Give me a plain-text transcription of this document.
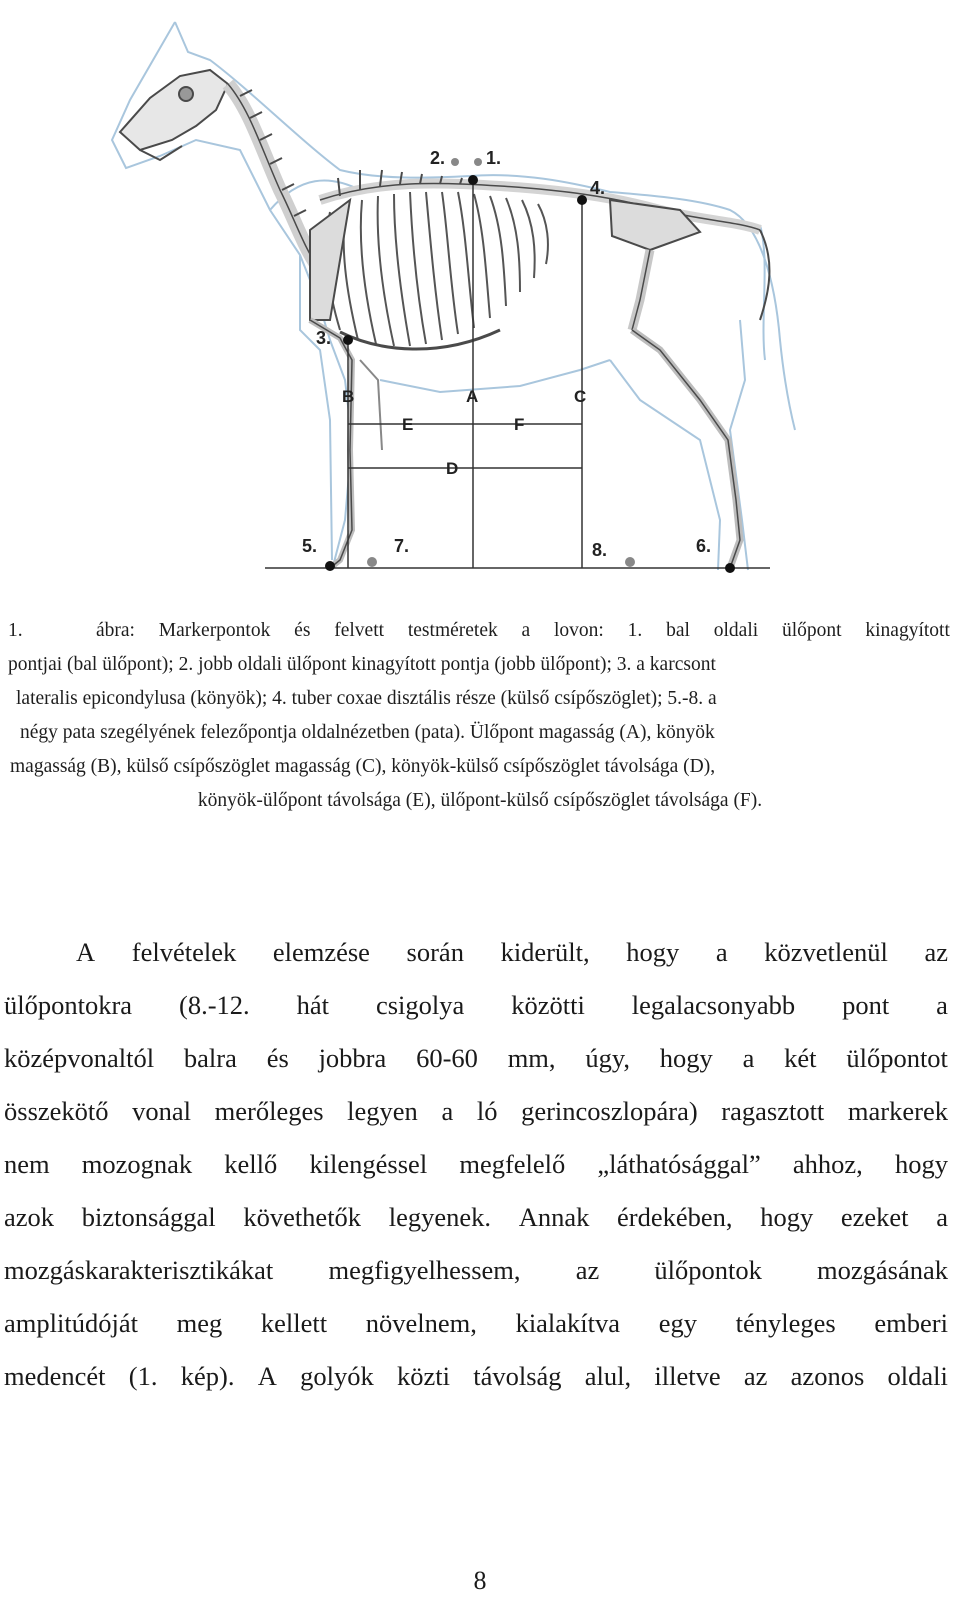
2. 1.
3.
4.
5.	7.	8.	6.
A
B	C
D
E	F
1.	ábra: Markerpontok és felvett testméretek a lovon: 1. bal oldali ülőpont kinagyított
pontjai (bal ülőpont); 2. jobb oldali ülőpont kinagyított pontja (jobb ülőpont); 3. a karcsont
lateralis epicondylusa (könyök); 4. tuber coxae disztális része (külső csípőszöglet); 5.-8. a
négy pata szegélyének felezőpontja oldalnézetben (pata). Ülőpont magasság (A), könyök
magasság (B), külső csípőszöglet magasság (C), könyök-külső csípőszöglet távolsága (D),
könyök-ülőpont távolsága (E), ülőpont-külső csípőszöglet távolsága (F).
A felvételek elemzése során kiderült, hogy a közvetlenül az
ülőpontokra (8.-12. hát csigolya közötti legalacsonyabb pont a
középvonaltól balra és jobbra 60-60 mm, úgy, hogy a két ülőpontot
összekötő vonal merőleges legyen a ló gerincoszlopára) ragasztott markerek
nem mozognak kellő kilengéssel megfelelő „láthatósággal” ahhoz, hogy
azok biztonsággal követhetők legyenek. Annak érdekében, hogy ezeket a
mozgáskarakterisztikákat megfigyelhessem, az ülőpontok mozgásának
amplitúdóját meg kellett növelnem, kialakítva egy tényleges emberi
medencét (1. kép). A golyók közti távolság alul, illetve az azonos oldali
8
